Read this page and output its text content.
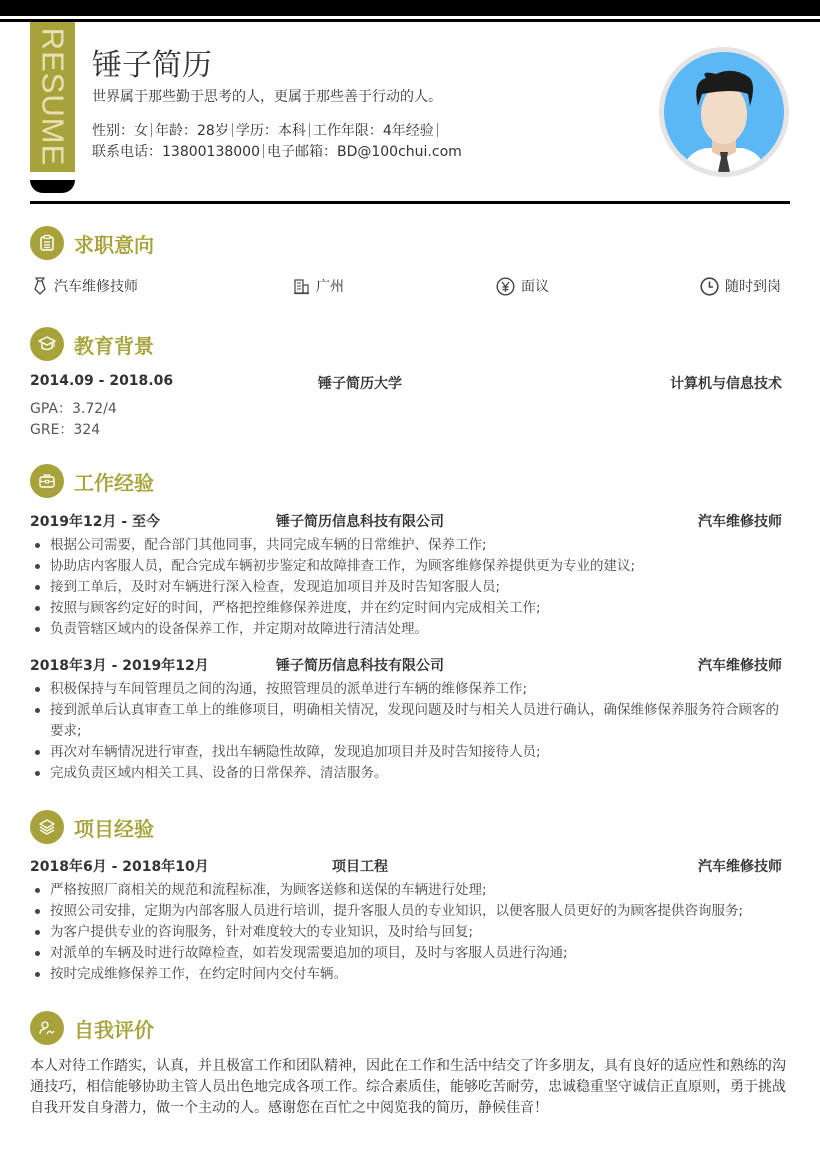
RESUME 锤子简历
世界属于那些勤于思考的人，更属于那些善于行动的人。
性别：女 年龄：28岁 学历：本科 工作年限：4年经验
联系电话：13800138000 电子邮箱：BD@100chui.com
求职意向
汽车维修技师	广州	面议	随时到岗
教育背景
2014.09 - 2018.06	锤子简历大学	计算机与信息技术
GPA：3.72/4
GRE：324
工作经验
2019年12月 - 至今	锤子简历信息科技有限公司	汽车维修技师
根据公司需要，配合部门其他同事，共同完成车辆的日常维护、保养工作;
协助店内客服人员，配合完成车辆初步鉴定和故障排查工作，为顾客维修保养提供更为专业的建议;
接到工单后，及时对车辆进行深入检查，发现追加项目并及时告知客服人员;
按照与顾客约定好的时间，严格把控维修保养进度，并在约定时间内完成相关工作;
负责管辖区域内的设备保养工作，并定期对故障进行清洁处理。
2018年3月 - 2019年12月	锤子简历信息科技有限公司	汽车维修技师
积极保持与车间管理员之间的沟通，按照管理员的派单进行车辆的维修保养工作;
接到派单后认真审查工单上的维修项目，明确相关情况，发现问题及时与相关人员进行确认，确保维修保养服务符合顾客的要求;
再次对车辆情况进行审查，找出车辆隐性故障，发现追加项目并及时告知接待人员;
完成负责区域内相关工具、设备的日常保养、清洁服务。
项目经验
2018年6月 - 2018年10月	项目工程	汽车维修技师
严格按照厂商相关的规范和流程标准，为顾客送修和送保的车辆进行处理;
按照公司安排，定期为内部客服人员进行培训，提升客服人员的专业知识，以便客服人员更好的为顾客提供咨询服务;
为客户提供专业的咨询服务，针对难度较大的专业知识，及时给与回复;
对派单的车辆及时进行故障检查，如若发现需要追加的项目，及时与客服人员进行沟通;
按时完成维修保养工作，在约定时间内交付车辆。
自我评价

本人对待工作踏实，认真，并且极富工作和团队精神，因此在工作和生活中结交了许多朋友，具有良好的适应性和熟练的沟通技巧，相信能够协助主管人员出色地完成各项工作。综合素质佳，能够吃苦耐劳，忠诚稳重坚守诚信正直原则，勇于挑战自我开发自身潜力，做一个主动的人。感谢您在百忙之中阅览我的简历，静候佳音！
